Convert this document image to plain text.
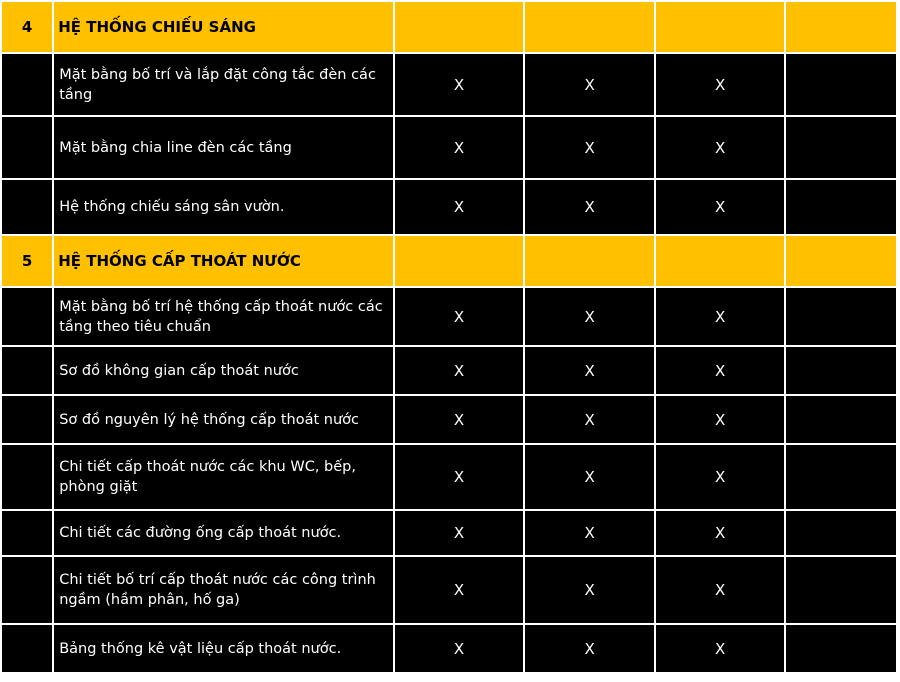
4	HỆ THỐNG CHIẾU SÁNG				
	Mặt bằng bố trí và lắp đặt công tắc đèn các tầng	X	X	X	
	Mặt bằng chia line đèn các tầng	X	X	X	
	Hệ thống chiếu sáng sân vườn.	X	X	X	
5	HỆ THỐNG CẤP THOÁT NƯỚC				
	Mặt bằng bố trí hệ thống cấp thoát nước các tầng theo tiêu chuẩn	X	X	X	
	Sơ đồ không gian cấp thoát nước	X	X	X	
	Sơ đồ nguyên lý hệ thống cấp thoát nước	X	X	X	
	Chi tiết cấp thoát nước các khu WC, bếp, phòng giặt	X	X	X	
	Chi tiết các đường ống cấp thoát nước.	X	X	X	
	Chi tiết bố trí cấp thoát nước các công trình ngầm (hầm phân, hố ga)	X	X	X	
	Bảng thống kê vật liệu cấp thoát nước.	X	X	X	
